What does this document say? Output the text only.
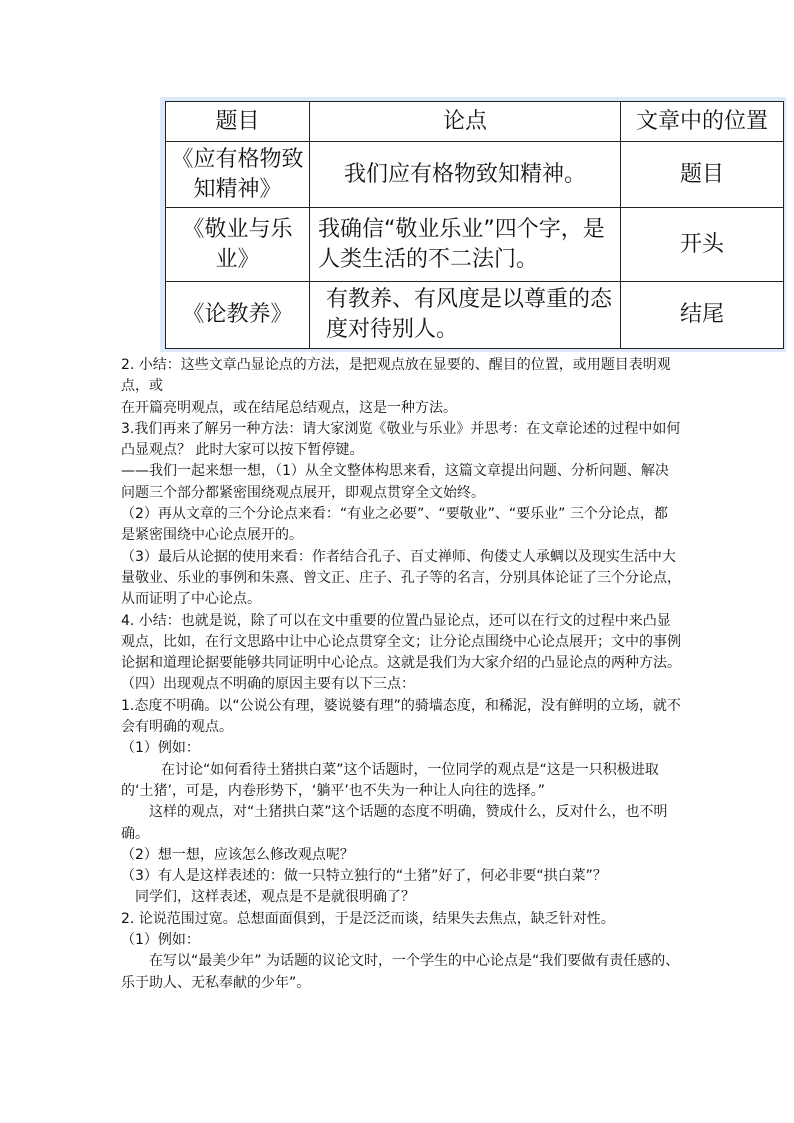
题目	论点	文章中的位置
《应有格物致知精神》	我们应有格物致知精神。	题目
《敬业与乐业》	我确信“敬业乐业”四个字，是人类生活的不二法门。	开头
《论教养》	有教养、有风度是以尊重的态度对待别人。	结尾

2. 小结：这些文章凸显论点的方法，是把观点放在显要的、醒目的位置，或用题目表明观点，或

在开篇亮明观点，或在结尾总结观点，这是一种方法。

3.我们再来了解另一种方法：请大家浏览《敬业与乐业》并思考：在文章论述的过程中如何凸显观点？ 此时大家可以按下暂停键。

——我们一起来想一想，（1）从全文整体构思来看，这篇文章提出问题、分析问题、解决问题三个部分都紧密围绕观点展开，即观点贯穿全文始终。

（2）再从文章的三个分论点来看：“有业之必要”、“要敬业”、“要乐业” 三个分论点，都是紧密围绕中心论点展开的。

（3）最后从论据的使用来看：作者结合孔子、百丈禅师、佝偻丈人承蜩以及现实生活中大量敬业、乐业的事例和朱熹、曾文正、庄子、孔子等的名言，分别具体论证了三个分论点，从而证明了中心论点。

4. 小结：也就是说，除了可以在文中重要的位置凸显论点，还可以在行文的过程中来凸显观点，比如，在行文思路中让中心论点贯穿全文；让分论点围绕中心论点展开；文中的事例论据和道理论据要能够共同证明中心论点。这就是我们为大家介绍的凸显论点的两种方法。

（四）出现观点不明确的原因主要有以下三点：

1.态度不明确。以“公说公有理，婆说婆有理”的骑墙态度，和稀泥，没有鲜明的立场，就不会有明确的观点。

（1）例如：

在讨论“如何看待土猪拱白菜”这个话题时，一位同学的观点是“这是一只积极进取的‘土猪’，可是，内卷形势下，‘躺平’也不失为一种让人向往的选择。”

这样的观点，对“土猪拱白菜”这个话题的态度不明确，赞成什么，反对什么，也不明确。

（2）想一想，应该怎么修改观点呢？

（3）有人是这样表述的：做一只特立独行的“土猪”好了，何必非要“拱白菜”？

同学们，这样表述，观点是不是就很明确了？

2. 论说范围过宽。总想面面俱到，于是泛泛而谈，结果失去焦点，缺乏针对性。

（1）例如：

在写以“最美少年” 为话题的议论文时，一个学生的中心论点是“我们要做有责任感的、乐于助人、无私奉献的少年”。
